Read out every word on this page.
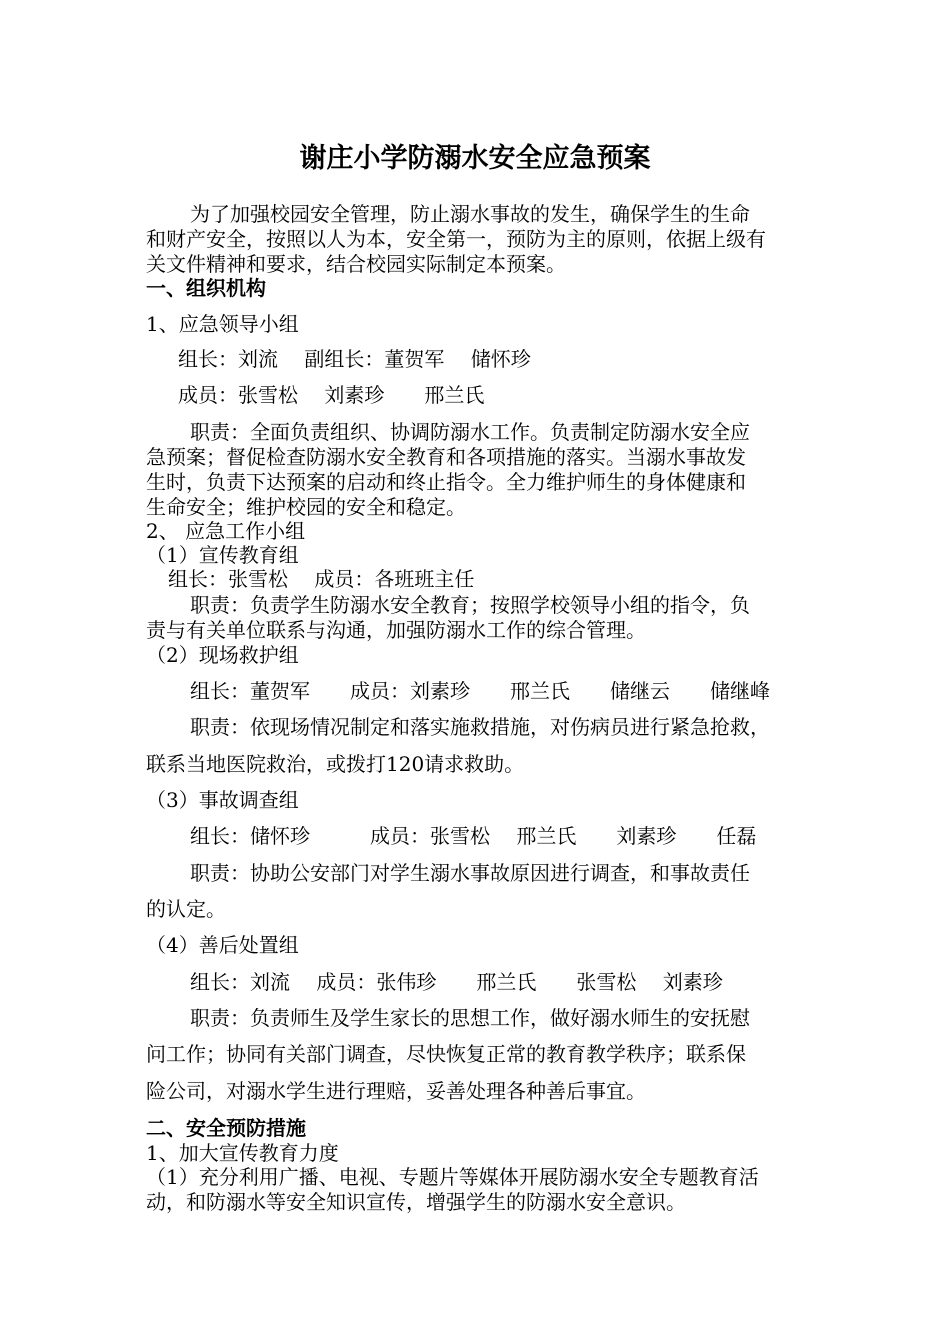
谢庄小学防溺水安全应急预案
为了加强校园安全管理，防止溺水事故的发生，确保学生的生命
和财产安全，按照以人为本，安全第一，预防为主的原则，依据上级有
关文件精神和要求，结合校园实际制定本预案。
一、组织机构
1、应急领导小组
组长：刘流　 副组长：董贺军　 储怀珍
成员：张雪松　 刘素珍　　邢兰氏
职责：全面负责组织、协调防溺水工作。负责制定防溺水安全应
急预案；督促检查防溺水安全教育和各项措施的落实。当溺水事故发
生时，负责下达预案的启动和终止指令。全力维护师生的身体健康和
生命安全；维护校园的安全和稳定。
2、 应急工作小组
（1）宣传教育组
组长：张雪松　 成员：各班班主任
职责：负责学生防溺水安全教育；按照学校领导小组的指令，负
责与有关单位联系与沟通，加强防溺水工作的综合管理。
（2）现场救护组
组长：董贺军　　成员：刘素珍　　邢兰氏　　储继云　　储继峰
职责：依现场情况制定和落实施救措施，对伤病员进行紧急抢救，
联系当地医院救治，或拨打120请求救助。
（3）事故调查组
组长：储怀珍　　　成员：张雪松　 邢兰氏　　刘素珍　　任磊
职责：协助公安部门对学生溺水事故原因进行调查，和事故责任
的认定。
（4）善后处置组
组长：刘流　 成员：张伟珍　　邢兰氏　　张雪松　 刘素珍
职责：负责师生及学生家长的思想工作，做好溺水师生的安抚慰
问工作；协同有关部门调查，尽快恢复正常的教育教学秩序；联系保
险公司，对溺水学生进行理赔，妥善处理各种善后事宜。
二、安全预防措施
1、加大宣传教育力度
（1）充分利用广播、电视、专题片等媒体开展防溺水安全专题教育活
动，和防溺水等安全知识宣传，增强学生的防溺水安全意识。
